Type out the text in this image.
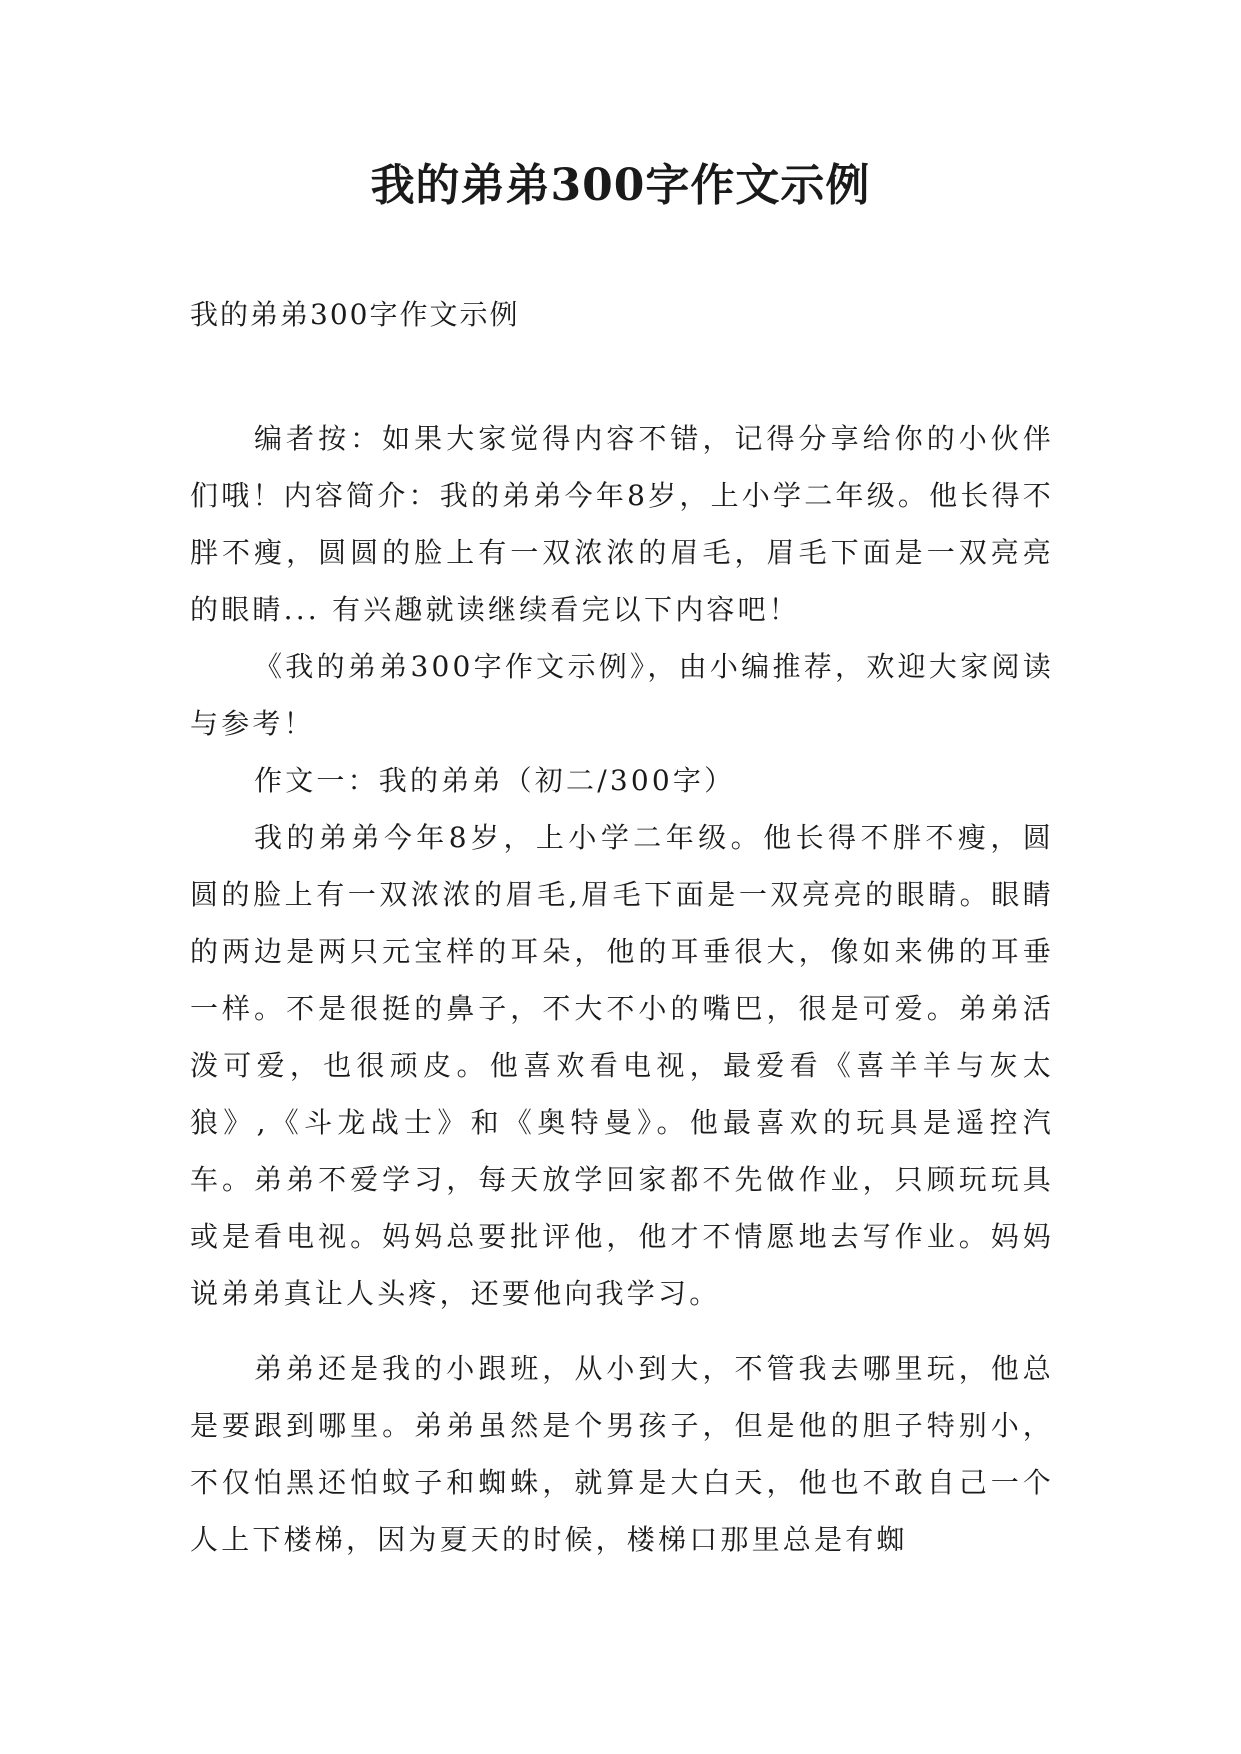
我的弟弟300字作文示例
我的弟弟300字作文示例

编者按：如果大家觉得内容不错，记得分享给你的小伙伴们哦！内容简介：我的弟弟今年8岁，上小学二年级。他长得不胖不瘦，圆圆的脸上有一双浓浓的眉毛，眉毛下面是一双亮亮的眼睛... 有兴趣就读继续看完以下内容吧！

《我的弟弟300字作文示例》，由小编推荐，欢迎大家阅读与参考！

作文一：我的弟弟（初二/300字）

我的弟弟今年8岁，上小学二年级。他长得不胖不瘦，圆圆的脸上有一双浓浓的眉毛,眉毛下面是一双亮亮的眼睛。眼睛的两边是两只元宝样的耳朵，他的耳垂很大，像如来佛的耳垂一样。不是很挺的鼻子，不大不小的嘴巴，很是可爱。弟弟活泼可爱，也很顽皮。他喜欢看电视，最爱看《喜羊羊与灰太狼》,《斗龙战士》和《奥特曼》。他最喜欢的玩具是遥控汽车。弟弟不爱学习，每天放学回家都不先做作业，只顾玩玩具或是看电视。妈妈总要批评他，他才不情愿地去写作业。妈妈说弟弟真让人头疼，还要他向我学习。

弟弟还是我的小跟班，从小到大，不管我去哪里玩，他总是要跟到哪里。弟弟虽然是个男孩子，但是他的胆子特别小，不仅怕黑还怕蚊子和蜘蛛，就算是大白天，他也不敢自己一个人上下楼梯，因为夏天的时候，楼梯口那里总是有蜘
